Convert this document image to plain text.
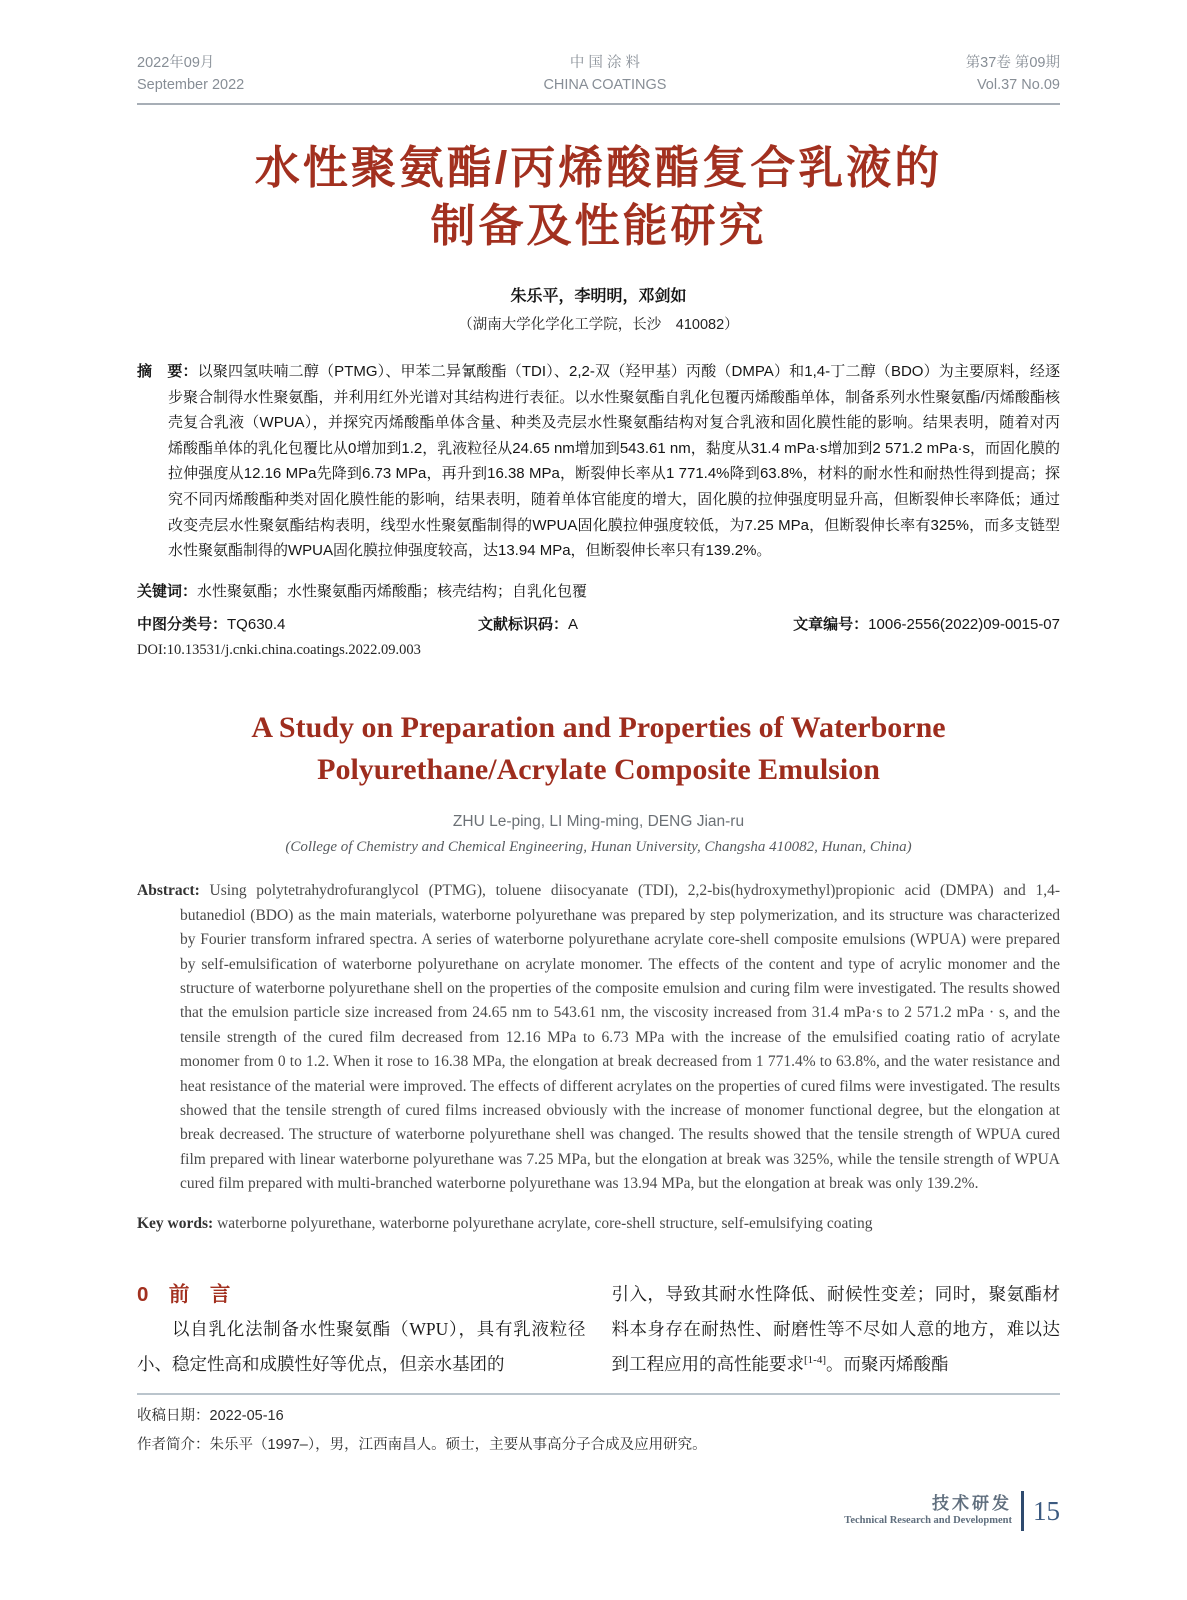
2022年09月
September 2022
中 国 涂 料
CHINA COATINGS
第37卷 第09期
Vol.37 No.09
水性聚氨酯/丙烯酸酯复合乳液的
制备及性能研究
朱乐平，李明明，邓剑如
（湖南大学化学化工学院，长沙　410082）

摘　要：以聚四氢呋喃二醇（PTMG）、甲苯二异氰酸酯（TDI）、2,2-双（羟甲基）丙酸（DMPA）和1,4-丁二醇（BDO）为主要原料，经逐步聚合制得水性聚氨酯，并利用红外光谱对其结构进行表征。以水性聚氨酯自乳化包覆丙烯酸酯单体，制备系列水性聚氨酯/丙烯酸酯核壳复合乳液（WPUA），并探究丙烯酸酯单体含量、种类及壳层水性聚氨酯结构对复合乳液和固化膜性能的影响。结果表明，随着对丙烯酸酯单体的乳化包覆比从0增加到1.2，乳液粒径从24.65 nm增加到543.61 nm，黏度从31.4 mPa·s增加到2 571.2 mPa·s，而固化膜的拉伸强度从12.16 MPa先降到6.73 MPa，再升到16.38 MPa，断裂伸长率从1 771.4%降到63.8%，材料的耐水性和耐热性得到提高；探究不同丙烯酸酯种类对固化膜性能的影响，结果表明，随着单体官能度的增大，固化膜的拉伸强度明显升高，但断裂伸长率降低；通过改变壳层水性聚氨酯结构表明，线型水性聚氨酯制得的WPUA固化膜拉伸强度较低，为7.25 MPa，但断裂伸长率有325%，而多支链型水性聚氨酯制得的WPUA固化膜拉伸强度较高，达13.94 MPa，但断裂伸长率只有139.2%。

关键词：水性聚氨酯；水性聚氨酯丙烯酸酯；核壳结构；自乳化包覆
中图分类号：TQ630.4	文献标识码：A	文章编号：1006-2556(2022)09-0015-07
DOI:10.13531/j.cnki.china.coatings.2022.09.003
A Study on Preparation and Properties of Waterborne
Polyurethane/Acrylate Composite Emulsion
ZHU Le-ping, LI Ming-ming, DENG Jian-ru
(College of Chemistry and Chemical Engineering, Hunan University, Changsha 410082, Hunan, China)

Abstract: Using polytetrahydrofuranglycol (PTMG), toluene diisocyanate (TDI), 2,2-bis(hydroxymethyl)propionic acid (DMPA) and 1,4-butanediol (BDO) as the main materials, waterborne polyurethane was prepared by step polymerization, and its structure was characterized by Fourier transform infrared spectra. A series of waterborne polyurethane acrylate core-shell composite emulsions (WPUA) were prepared by self-emulsification of waterborne polyurethane on acrylate monomer. The effects of the content and type of acrylic monomer and the structure of waterborne polyurethane shell on the properties of the composite emulsion and curing film were investigated. The results showed that the emulsion particle size increased from 24.65 nm to 543.61 nm, the viscosity increased from 31.4 mPa·s to 2 571.2 mPa · s, and the tensile strength of the cured film decreased from 12.16 MPa to 6.73 MPa with the increase of the emulsified coating ratio of acrylate monomer from 0 to 1.2. When it rose to 16.38 MPa, the elongation at break decreased from 1 771.4% to 63.8%, and the water resistance and heat resistance of the material were improved. The effects of different acrylates on the properties of cured films were investigated. The results showed that the tensile strength of cured films increased obviously with the increase of monomer functional degree, but the elongation at break decreased. The structure of waterborne polyurethane shell was changed. The results showed that the tensile strength of WPUA cured film prepared with linear waterborne polyurethane was 7.25 MPa, but the elongation at break was 325%, while the tensile strength of WPUA cured film prepared with multi-branched waterborne polyurethane was 13.94 MPa, but the elongation at break was only 139.2%.

Key words: waterborne polyurethane, waterborne polyurethane acrylate, core-shell structure, self-emulsifying coating
0　前　言

以自乳化法制备水性聚氨酯（WPU），具有乳液粒径小、稳定性高和成膜性好等优点，但亲水基团的

引入，导致其耐水性降低、耐候性变差；同时，聚氨酯材料本身存在耐热性、耐磨性等不尽如人意的地方，难以达到工程应用的高性能要求[1-4]。而聚丙烯酸酯

收稿日期：2022-05-16
作者简介：朱乐平（1997–），男，江西南昌人。硕士，主要从事高分子合成及应用研究。
技术研发
Technical Research and Development 15
